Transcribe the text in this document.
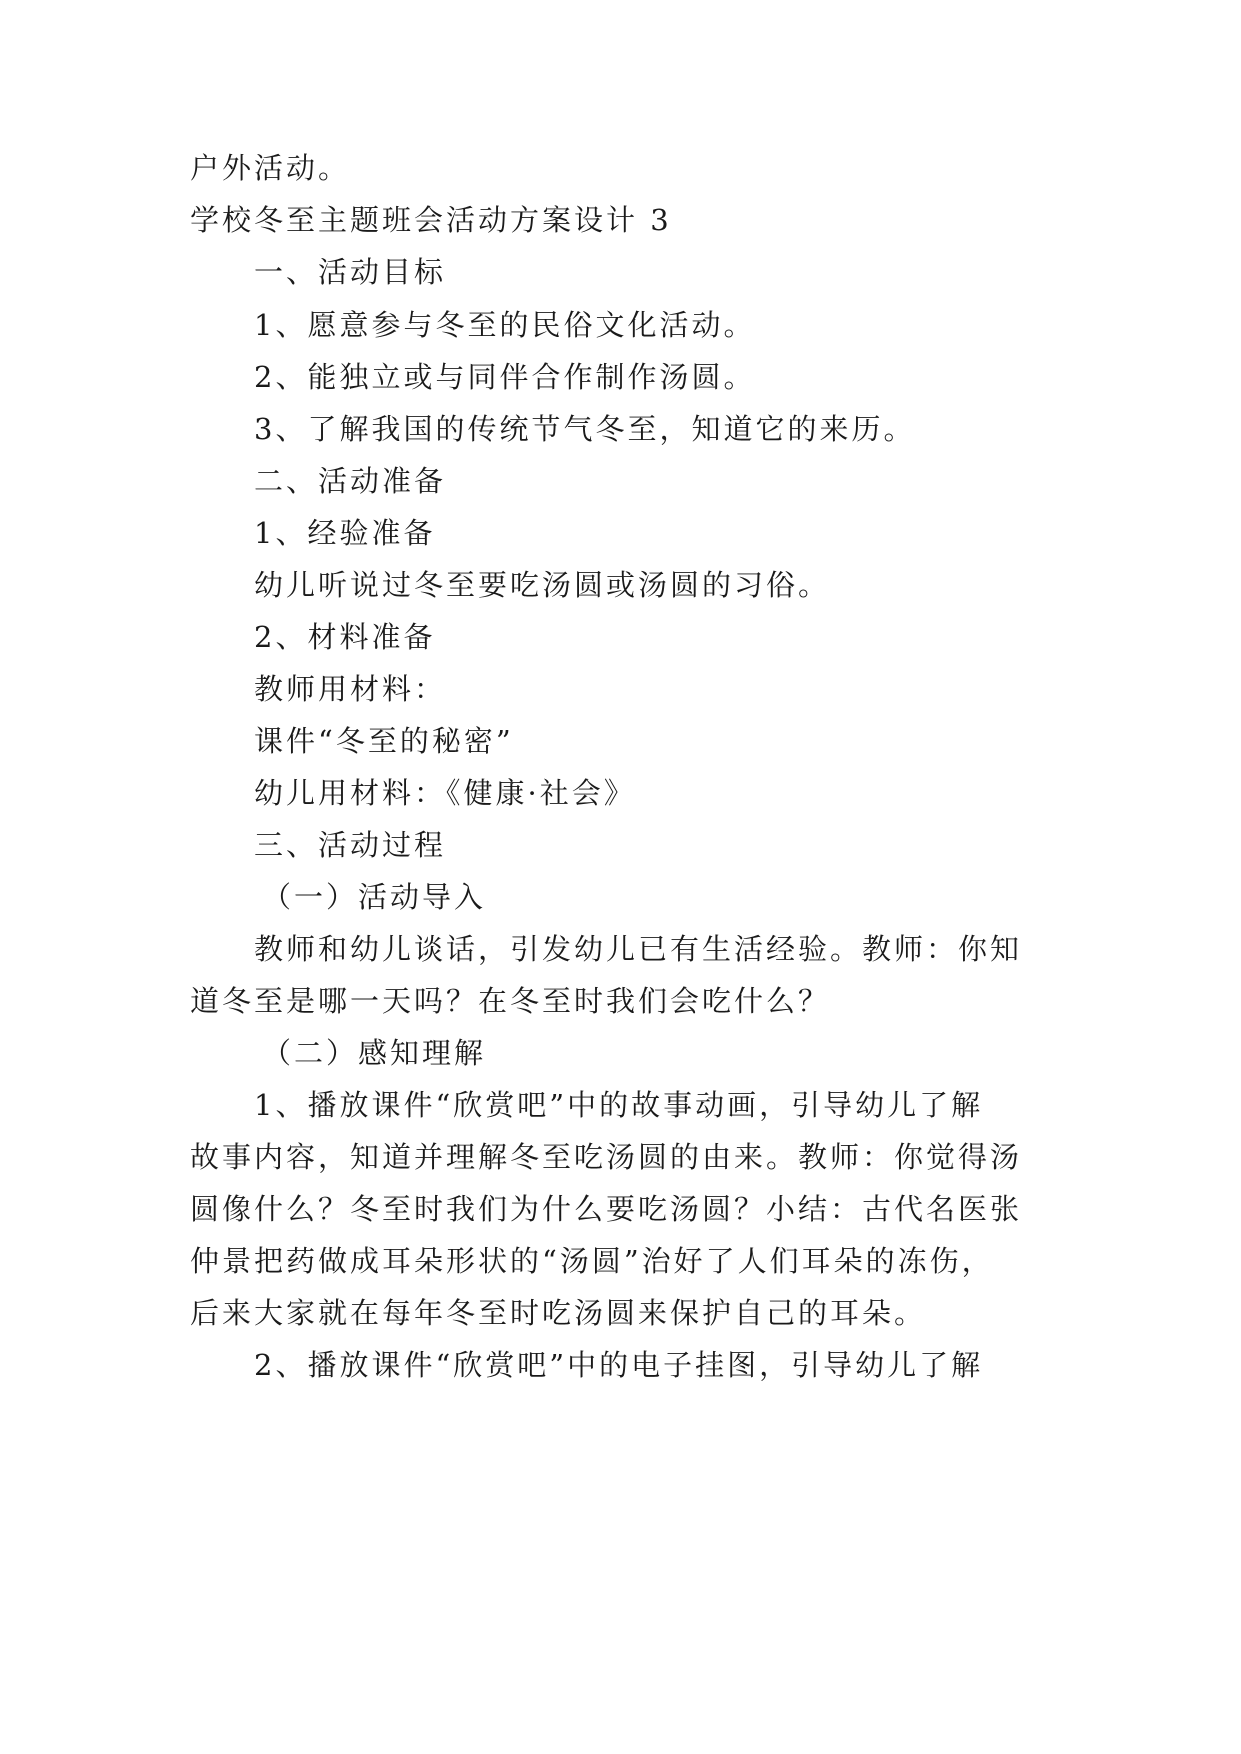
户外活动。
学校冬至主题班会活动方案设计 3
一、活动目标
1、愿意参与冬至的民俗文化活动。
2、能独立或与同伴合作制作汤圆。
3、了解我国的传统节气冬至，知道它的来历。
二、活动准备
1、经验准备
幼儿听说过冬至要吃汤圆或汤圆的习俗。
2、材料准备
教师用材料：
课件“冬至的秘密”
幼儿用材料：《健康·社会》
三、活动过程
（一）活动导入
教师和幼儿谈话，引发幼儿已有生活经验。教师：你知
道冬至是哪一天吗？在冬至时我们会吃什么？
（二）感知理解
1、播放课件“欣赏吧”中的故事动画，引导幼儿了解
故事内容，知道并理解冬至吃汤圆的由来。教师：你觉得汤
圆像什么？冬至时我们为什么要吃汤圆？小结：古代名医张
仲景把药做成耳朵形状的“汤圆”治好了人们耳朵的冻伤，
后来大家就在每年冬至时吃汤圆来保护自己的耳朵。
2、播放课件“欣赏吧”中的电子挂图，引导幼儿了解
